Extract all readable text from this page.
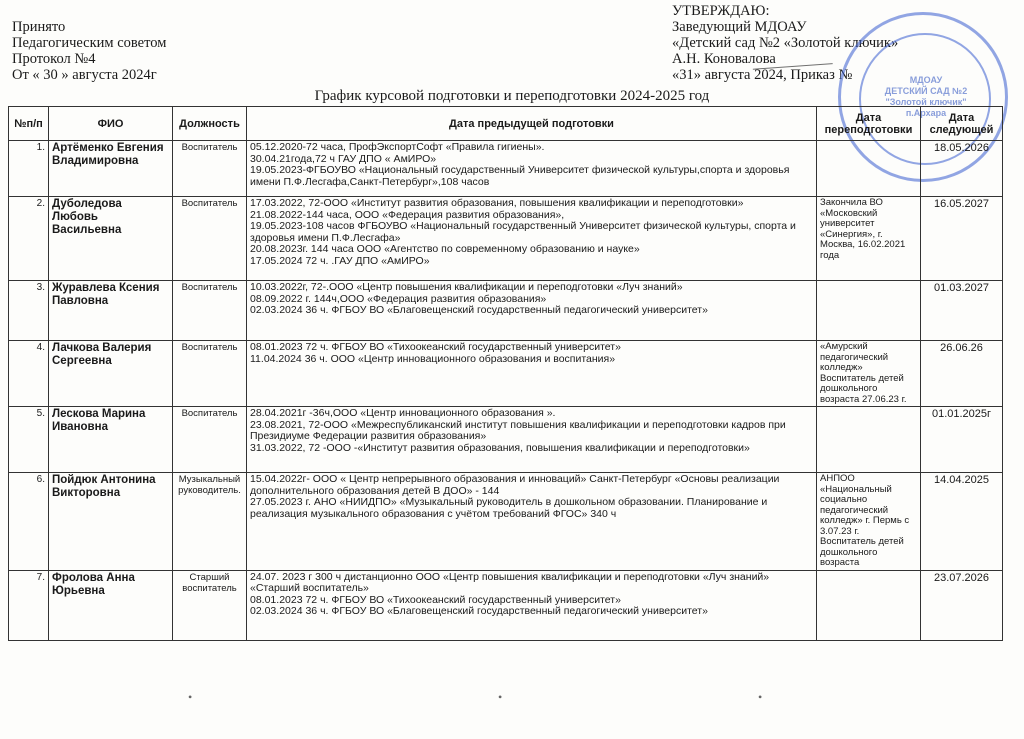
Принято
Педагогическим советом
Протокол №4
От « 30 » августа 2024г
УТВЕРЖДАЮ:
Заведующий МДОАУ
«Детский сад №2 «Золотой ключик»
А.Н. Коновалова
«31» августа 2024, Приказ №	МДОАУ
ДЕТСКИЙ САД №2
"Золотой ключик"
п.Архара
График курсовой подготовки и переподготовки 2024-2025 год
№п/п	ФИО	Должность	Дата предыдущей подготовки	Дата переподготовки	Дата следующей
1.	Артёменко Евгения Владимировна	Воспитатель	05.12.2020-72 часа, ПрофЭкспортСофт «Правила гигиены».
30.04.21года,72 ч ГАУ ДПО « АмИРО»
19.05.2023-ФГБОУВО «Национальный государственный Университет физической культуры,спорта и здоровья имени П.Ф.Лесгафа,Санкт-Петербург»,108 часов		18.05.2026
2.	Дуболедова Любовь Васильевна	Воспитатель	17.03.2022, 72-ООО «Институт развития образования, повышения квалификации и переподготовки»
21.08.2022-144 часа, ООО «Федерация развития образования»,
19.05.2023-108 часов ФГБОУВО «Национальный государственный Университет физической культуры, спорта и здоровья имени П.Ф.Лесгафа»
20.08.2023г. 144 часа ООО «Агентство по современному образованию и науке»
17.05.2024 72 ч. .ГАУ ДПО «АмИРО»	Закончила ВО «Московский университет «Синергия», г. Москва, 16.02.2021 года	16.05.2027
3.	Журавлева Ксения Павловна	Воспитатель	10.03.2022г, 72-.ООО «Центр повышения квалификации и переподготовки «Луч знаний»
08.09.2022 г. 144ч,ООО «Федерация развития образования»
02.03.2024 36 ч. ФГБОУ ВО «Благовещенский государственный педагогический университет»		01.03.2027
4.	Лачкова Валерия Сергеевна	Воспитатель	08.01.2023 72 ч. ФГБОУ ВО «Тихоокеанский государственный университет»
11.04.2024 36 ч. ООО «Центр инновационного образования и воспитания»	«Амурский педагогический колледж» Воспитатель детей дошкольного возраста 27.06.23 г.	26.06.26
5.	Лескова Марина Ивановна	Воспитатель	28.04.2021г -36ч,ООО «Центр инновационного образования ».
23.08.2021, 72-ООО «Межреспубликанский институт повышения квалификации и переподготовки кадров при Президиуме Федерации развития образования»
31.03.2022, 72 -ООО -«Институт развития образования, повышения квалификации и переподготовки»		01.01.2025г
6.	Пойдюк Антонина Викторовна	Музыкальный руководитель.	15.04.2022г- ООО « Центр непрерывного образования и инноваций» Санкт-Петербург «Основы реализации дополнительного образования детей В ДОО» - 144
27.05.2023 г. АНО «НИИДПО» «Музыкальный руководитель в дошкольном образовании. Планирование и реализация музыкального образования с учётом требований ФГОС» 340 ч	АНПОО «Национальный социально педагогический колледж» г. Пермь с 3.07.23 г. Воспитатель детей дошкольного возраста	14.04.2025
7.	Фролова Анна Юрьевна	Старший воспитатель	24.07. 2023 г 300 ч дистанционно ООО «Центр повышения квалификации и переподготовки «Луч знаний» «Старший воспитатель»
08.01.2023 72 ч. ФГБОУ ВО «Тихоокеанский государственный университет»
02.03.2024 36 ч. ФГБОУ ВО «Благовещенский государственный педагогический университет»		23.07.2026
•	•	•
